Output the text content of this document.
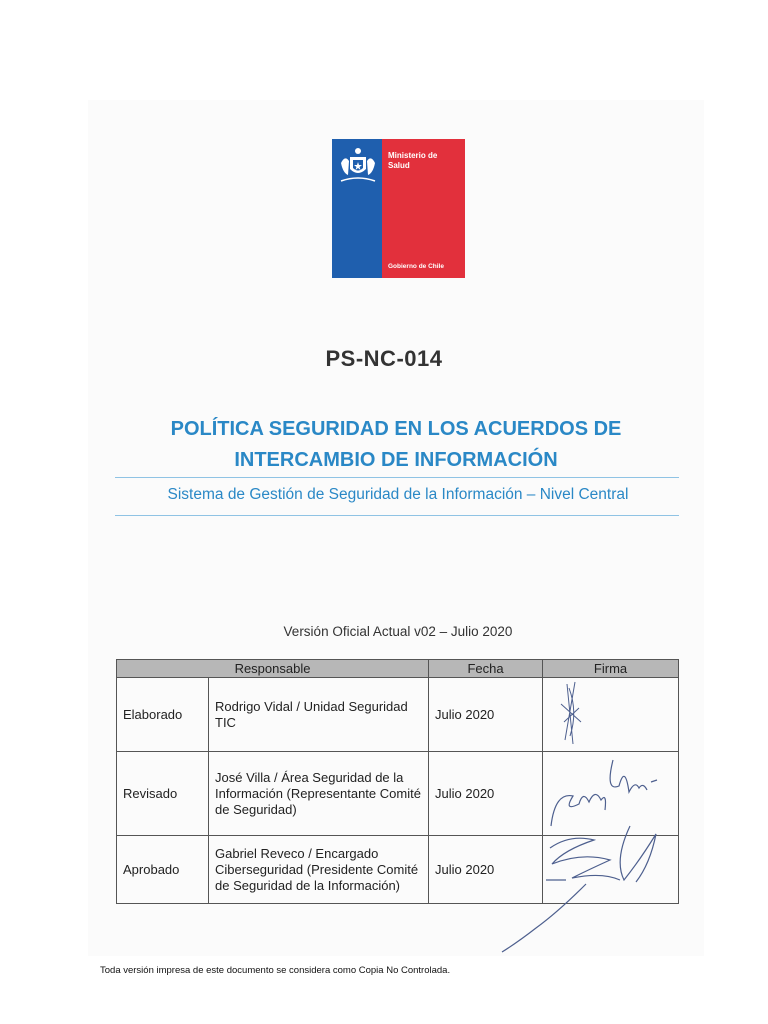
Ministerio de
Salud
Gobierno de Chile
PS-NC-014
POLÍTICA SEGURIDAD EN LOS ACUERDOS DE
INTERCAMBIO DE INFORMACIÓN
Sistema de Gestión de Seguridad de la Información – Nivel Central
Versión Oficial Actual v02 – Julio 2020
Responsable		Fecha	Firma
Elaborado	Rodrigo Vidal / Unidad Seguridad TIC	Julio 2020	

Revisado	José Villa / Área Seguridad de la Información (Representante Comité de Seguridad)	Julio 2020	

Aprobado	Gabriel Reveco / Encargado Ciberseguridad (Presidente Comité de Seguridad de la Información)	Julio 2020	
Toda versión impresa de este documento se considera como Copia No Controlada.
